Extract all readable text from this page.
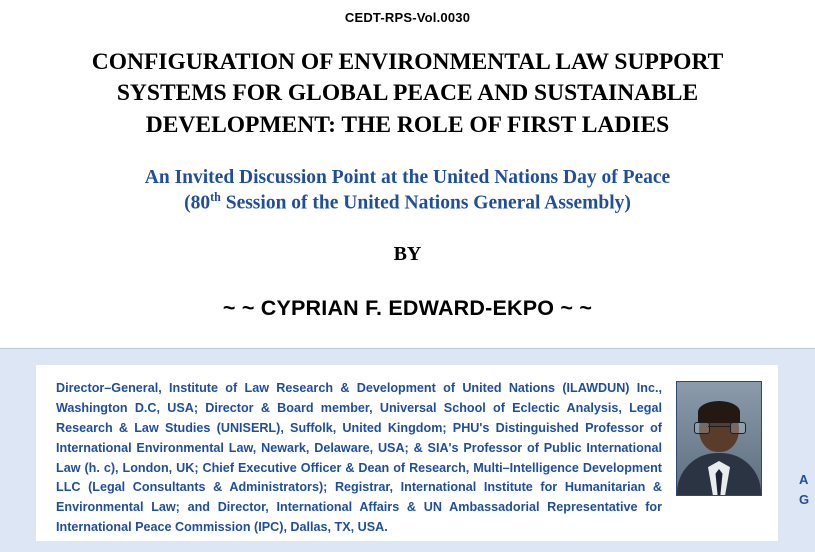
CEDT-RPS-Vol.0030
CONFIGURATION OF ENVIRONMENTAL LAW SUPPORT SYSTEMS FOR GLOBAL PEACE AND SUSTAINABLE DEVELOPMENT: THE ROLE OF FIRST LADIES
An Invited Discussion Point at the United Nations Day of Peace
(80th Session of the United Nations General Assembly)
BY
~ ~ CYPRIAN F. EDWARD-EKPO ~ ~
Director–General, Institute of Law Research & Development of United Nations (ILAWDUN) Inc., Washington D.C, USA; Director & Board member, Universal School of Eclectic Analysis, Legal Research & Law Studies (UNISERL), Suffolk, United Kingdom; PHU's Distinguished Professor of International Environmental Law, Newark, Delaware, USA; & SIA's Professor of Public International Law (h. c), London, UK; Chief Executive Officer & Dean of Research, Multi–Intelligence Development LLC (Legal Consultants & Administrators); Registrar, International Institute for Humanitarian & Environmental Law; and Director, International Affairs & UN Ambassadorial Representative for International Peace Commission (IPC), Dallas, TX, USA.
A
G
